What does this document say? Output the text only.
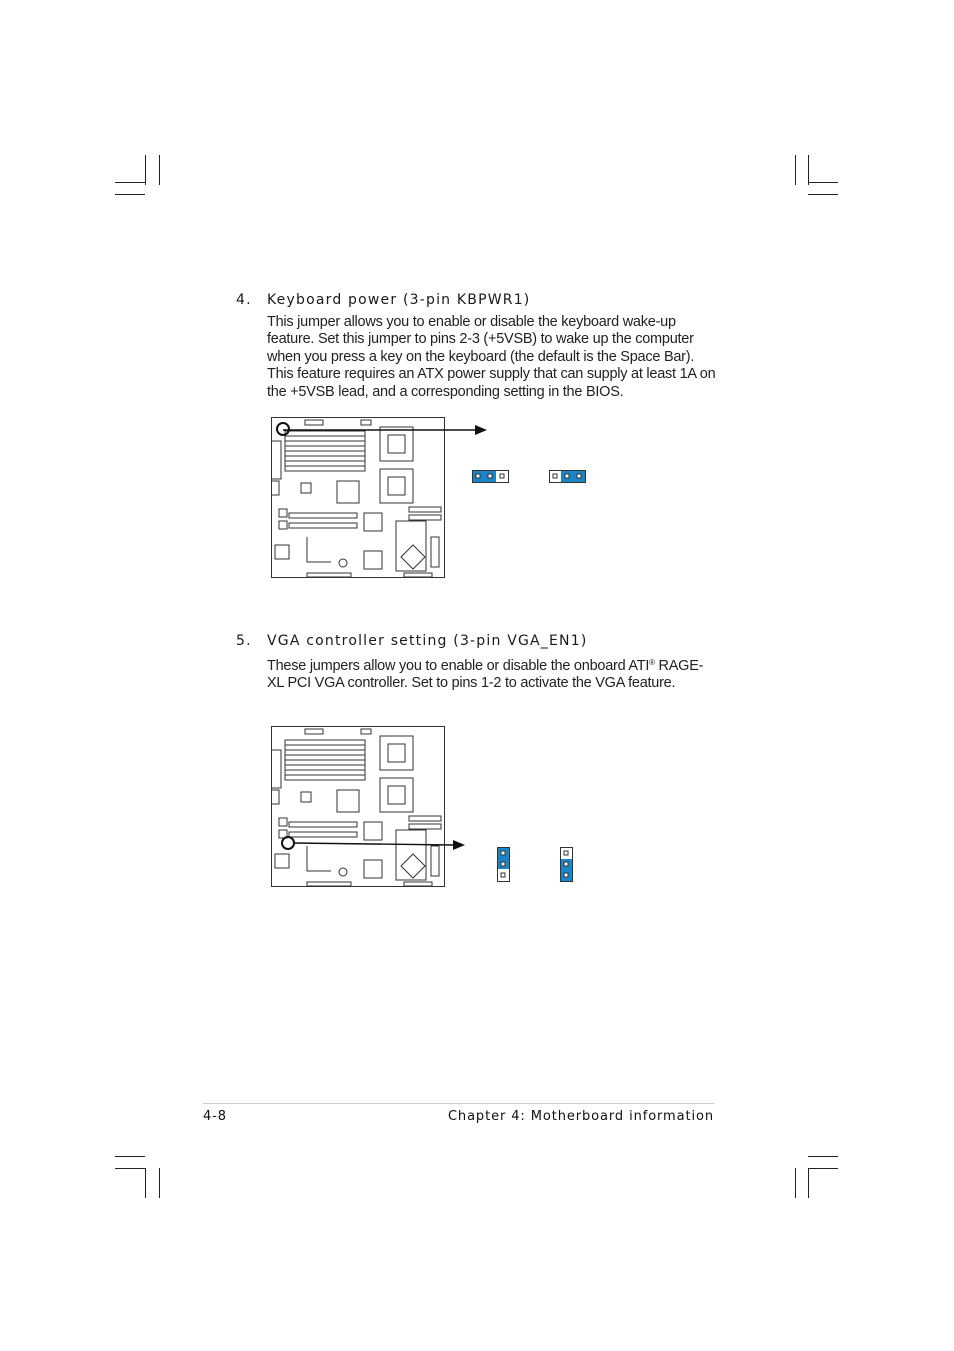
4. Keyboard power (3-pin KBPWR1)
This jumper allows you to enable or disable the keyboard wake-up feature. Set this jumper to pins 2-3 (+5VSB) to wake up the computer when you press a key on the keyboard (the default is the Space Bar). This feature requires an ATX power supply that can supply at least 1A on the +5VSB lead, and a corresponding setting in the BIOS.
5. VGA controller setting (3-pin VGA_EN1)
These jumpers allow you to enable or disable the onboard ATI® RAGE-XL PCI VGA controller. Set to pins 1-2 to activate the VGA feature.
4-8	Chapter 4: Motherboard information
